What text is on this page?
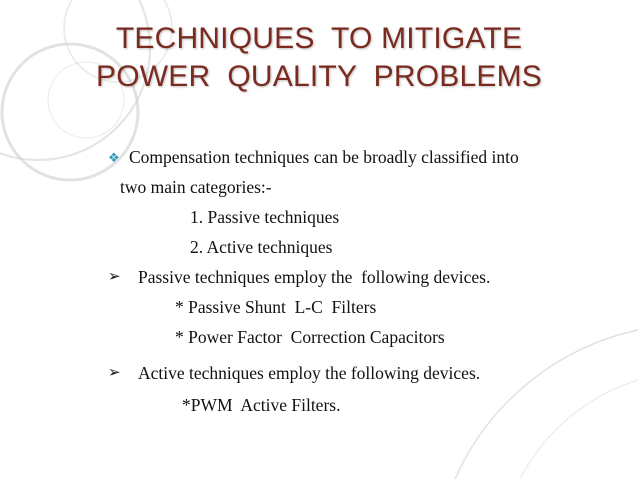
TECHNIQUES  TO MITIGATE
POWER  QUALITY  PROBLEMS
❖ Compensation techniques can be broadly classified into
two main categories:-
1. Passive techniques
2. Active techniques
➢ Passive techniques employ the  following devices.
* Passive Shunt  L-C  Filters
* Power Factor  Correction Capacitors
➢ Active techniques employ the following devices.
*PWM  Active Filters.
